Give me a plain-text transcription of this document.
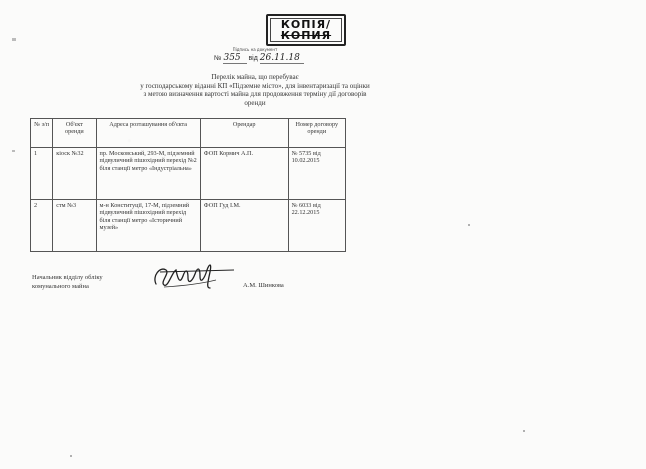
КОПІЯ/
КОПИЯ
Підпись на документ
№ 355 від 26.11.18
Перелік майна, що перебуває
у господарському віданні КП «Підземне місто», для інвентаризації та оцінки
з метою визначення вартості майна для продовження терміну дії договорів
оренди
№ з/п	Об'єкт оренди	Адреса розташування об'єкта	Орендар	Номер договору оренди
1	кіоск №32	пр. Московський, 293-М, підземний підвуличний пішохідний перехід №2 біля станції метро «Індустріальна»	ФОП Кормич А.П.	№ 5735 від 10.02.2015
2	стм №3	м-н Конституції, 17-М, підземний підвуличний пішохідний перехід біля станції метро «Історичний музей»	ФОП Гуд І.М.	№ 6033 від 22.12.2015
Начальник відділу обліку
комунального майна	А.М. Шинкова
